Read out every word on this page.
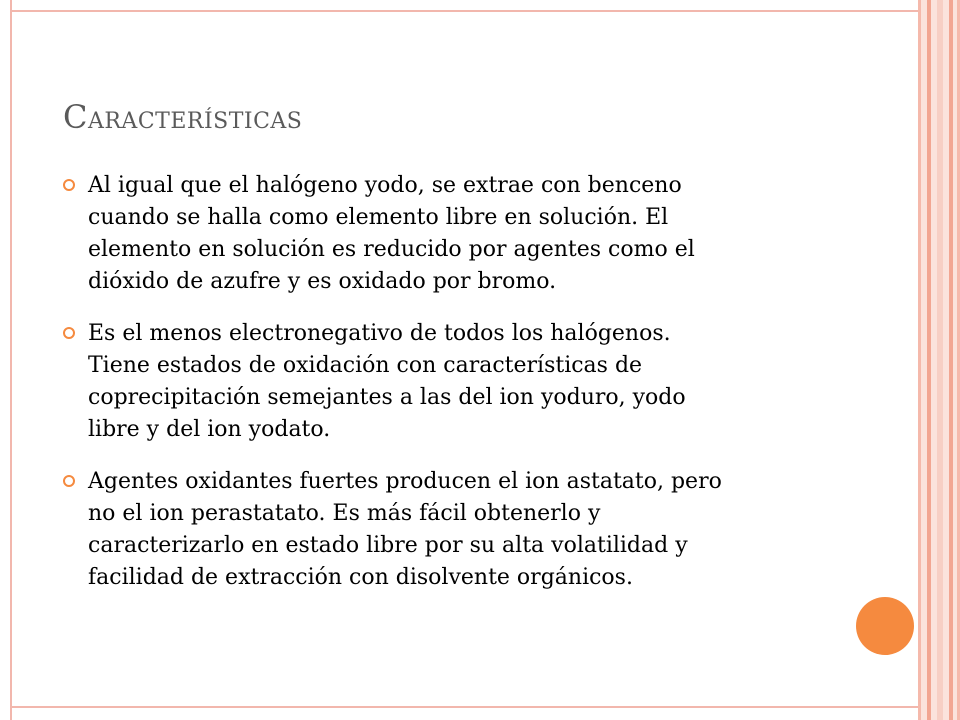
Características
Al igual que el halógeno yodo, se extrae con benceno
cuando se halla como elemento libre en solución. El
elemento en solución es reducido por agentes como el
dióxido de azufre y es oxidado por bromo.
Es el menos electronegativo de todos los halógenos.
Tiene estados de oxidación con características de
coprecipitación semejantes a las del ion yoduro, yodo
libre y del ion yodato.
Agentes oxidantes fuertes producen el ion astatato, pero
no el ion perastatato. Es más fácil obtenerlo y
caracterizarlo en estado libre por su alta volatilidad y
facilidad de extracción con disolvente orgánicos.
